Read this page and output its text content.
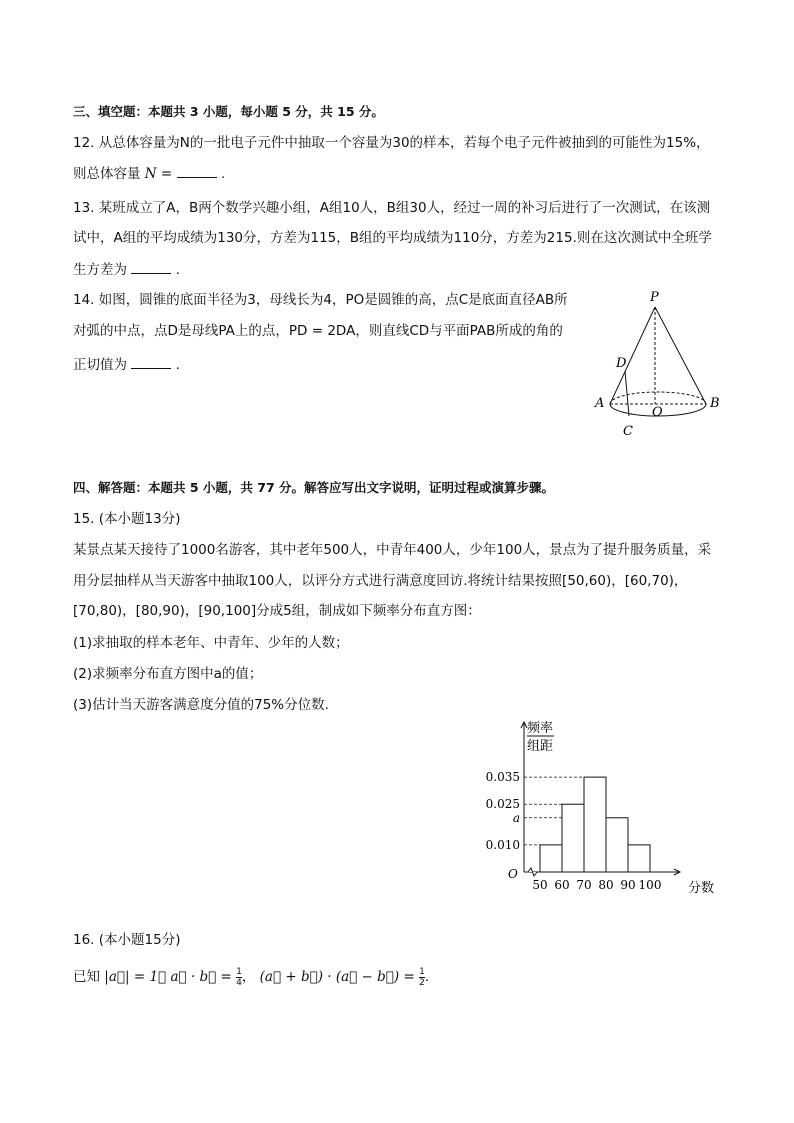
三、填空题：本题共 3 小题，每小题 5 分，共 15 分。
12. 从总体容量为N的一批电子元件中抽取一个容量为30的样本，若每个电子元件被抽到的可能性为15%，
则总体容量 N =	.
13. 某班成立了A，B两个数学兴趣小组，A组10人，B组30人，经过一周的补习后进行了一次测试，在该测
试中，A组的平均成绩为130分，方差为115，B组的平均成绩为110分，方差为215.则在这次测试中全班学
生方差为	.
14. 如图，圆锥的底面半径为3，母线长为4，PO是圆锥的高，点C是底面直径AB所
对弧的中点，点D是母线PA上的点，PD = 2DA，则直线CD与平面PAB所成的角的
正切值为	.
P
D
A
O
B
C
四、解答题：本题共 5 小题，共 77 分。解答应写出文字说明，证明过程或演算步骤。
15. (本小题13分)
某景点某天接待了1000名游客，其中老年500人，中青年400人，少年100人，景点为了提升服务质量，采
用分层抽样从当天游客中抽取100人，以评分方式进行满意度回访.将统计结果按照[50,60)，[60,70)，
[70,80)，[80,90)，[90,100]分成5组，制成如下频率分布直方图：
(1)求抽取的样本老年、中青年、少年的人数；
(2)求频率分布直方图中a的值；
(3)估计当天游客满意度分值的75%分位数.
0.035
0.025
a
0.010
50 60 70 80 90 100
O
频率
组距
分数
16. (本小题15分)
已知 |a⃗| = 1， a⃗ · b⃗ = $\frac{1}{4}$ ， (a⃗ + b⃗) · (a⃗ − b⃗) = $\frac{1}{2}$ .
